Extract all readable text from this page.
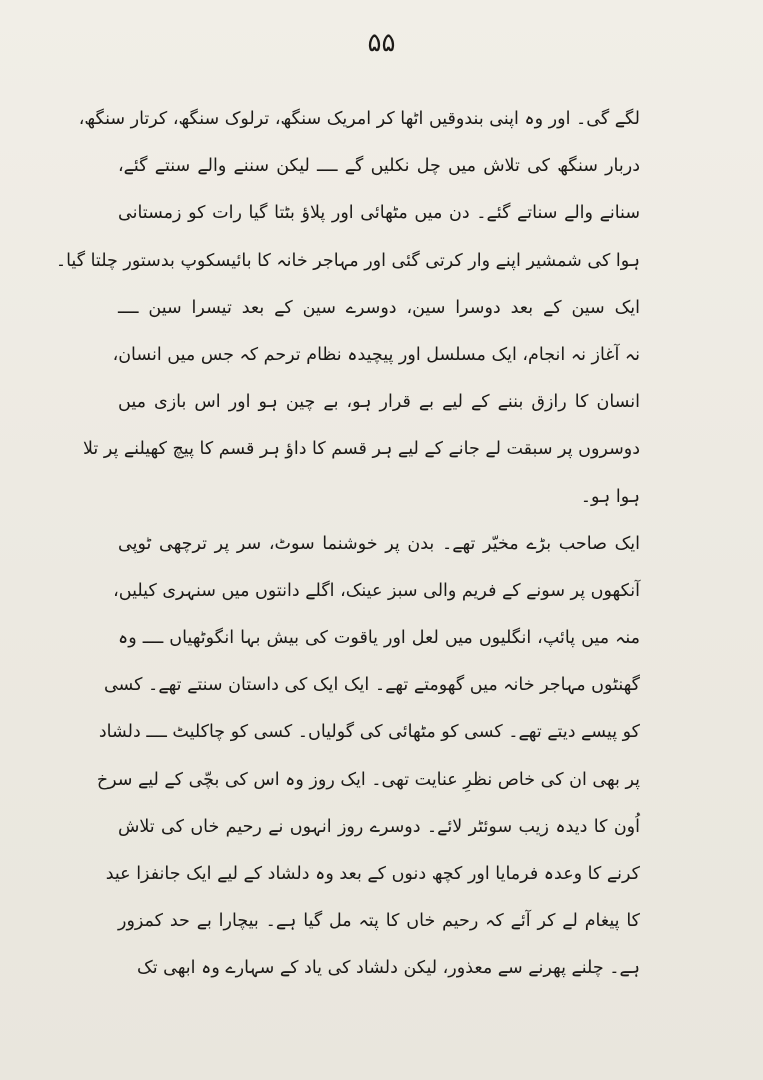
۵۵
لگے گی۔ اور وہ اپنی بندوقیں اٹھا کر امریک سنگھ، ترلوک سنگھ، کرتار سنگھ،
دربار سنگھ کی تلاش میں چل نکلیں گے ــــ لیکن سننے والے سنتے گئے،
سنانے والے سناتے گئے۔ دن میں مٹھائی اور پلاؤ بٹتا گیا رات کو زمستانی
ہوا کی شمشیر اپنے وار کرتی گئی اور مہاجر خانہ کا بائیسکوپ بدستور چلتا گیا۔
ایک سین کے بعد دوسرا سین، دوسرے سین کے بعد تیسرا سین ــــ
نہ آغاز نہ انجام، ایک مسلسل اور پیچیدہ نظام ترحم کہ جس میں انسان،
انسان کا رازق بننے کے لیے بے قرار ہو، بے چین ہو اور اس بازی میں
دوسروں پر سبقت لے جانے کے لیے ہر قسم کا داؤ ہر قسم کا پیچ کھیلنے پر تلا
ہوا ہو۔
ایک صاحب بڑے مخیّر تھے۔ بدن پر خوشنما سوٹ، سر پر ترچھی ٹوپی
آنکھوں پر سونے کے فریم والی سبز عینک، اگلے دانتوں میں سنہری کیلیں،
منہ میں پائپ، انگلیوں میں لعل اور یاقوت کی بیش بہا انگوٹھیاں ــــ وہ
گھنٹوں مہاجر خانہ میں گھومتے تھے۔ ایک ایک کی داستان سنتے تھے۔ کسی
کو پیسے دیتے تھے۔ کسی کو مٹھائی کی گولیاں۔ کسی کو چاکلیٹ ــــ دلشاد
پر بھی ان کی خاص نظرِ عنایت تھی۔ ایک روز وہ اس کی بچّی کے لیے سرخ
اُون کا دیدہ زیب سوئٹر لائے۔ دوسرے روز انہوں نے رحیم خاں کی تلاش
کرنے کا وعدہ فرمایا اور کچھ دنوں کے بعد وہ دلشاد کے لیے ایک جانفزا عید
کا پیغام لے کر آئے کہ رحیم خاں کا پتہ مل گیا ہے۔ بیچارا بے حد کمزور
ہے۔ چلنے پھرنے سے معذور، لیکن دلشاد کی یاد کے سہارے وہ ابھی تک
